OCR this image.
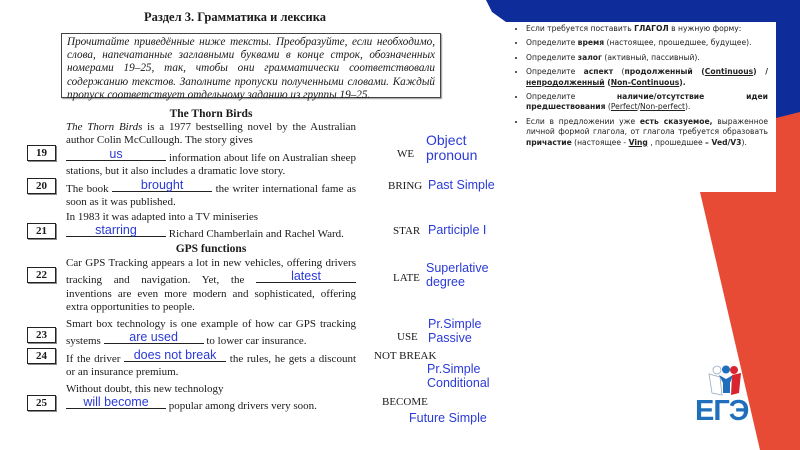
Раздел 3. Грамматика и лексика
Прочитайте приведённые ниже тексты. Преобразуйте, если необходимо, слова, напечатанные заглавными буквами в конце строк, обозначенных номерами 19–25, так, чтобы они грамматически соответствовали содержанию текстов. Заполните пропуски полученными словами. Каждый пропуск соответствует отдельному заданию из группы 19–25.
The Thorn Birds
19
The Thorn Birds is a 1977 bestselling novel by the Australian author Colin McCullough. The story gives

us	information about life on Australian sheep stations, but it also includes a dramatic love story.
WE
Object
pronoun
20	The book	brought	the writer international fame as soon as it was published.
BRING Past Simple
21
In 1983 it was adapted into a TV miniseries

starring	Richard Chamberlain and Rachel Ward.	STAR Participle I
GPS functions
22
Car GPS Tracking appears a lot in new vehicles, offering drivers tracking and navigation. Yet, the	latest
inventions are even more modern and sophisticated, offering extra opportunities to people.
LATE
Superlative
degree
23
Smart box technology is one example of how car GPS tracking systems	are used	to lower car insurance.	USE
Pr.Simple
Passive
24	If the driver	does not break	the rules, he gets a discount or an insurance premium.
NOT BREAK
Pr.Simple
Conditional
25
Without doubt, this new technology

will become	popular among drivers very soon.	BECOME
Future Simple
• Если требуется поставить ГЛАГОЛ в нужную форму:
• Определите время (настоящее, прошедшее, будущее).
• Определите залог (активный, пассивный).
• Определите аспект (продолженный (Continuous) / непродолженный (Non-Continuous).
• Определите наличие/отсутствие идеи предшествования (Perfect/Non-perfect).
• Если в предложении уже есть сказуемое, выраженное личной формой глагола, от глагола требуется образовать причастие (настоящее - Ving , прошедшее – Ved/V3).
ЕГЭ
